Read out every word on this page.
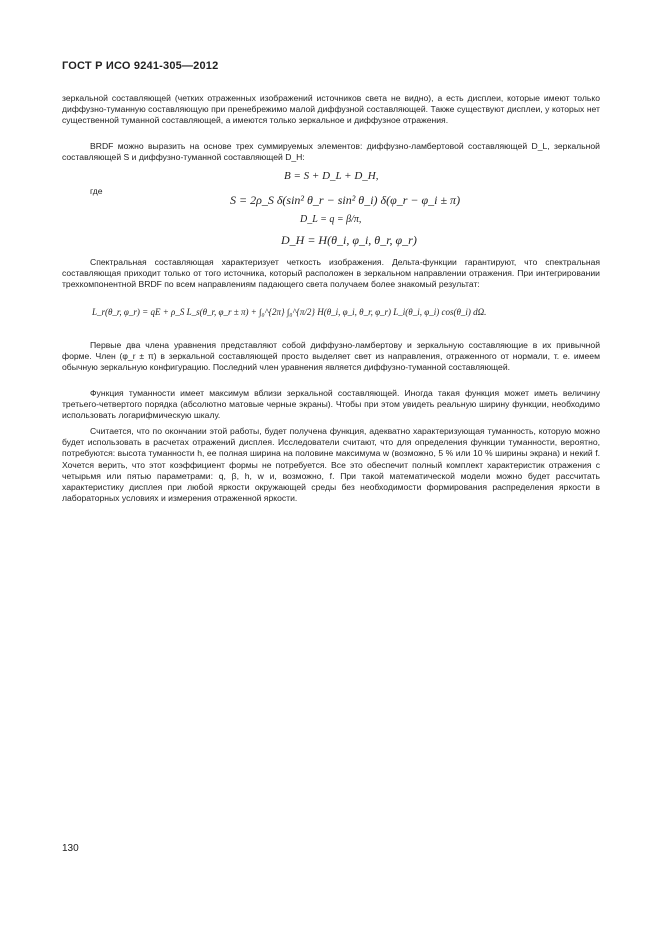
ГОСТ Р ИСО 9241-305—2012

зеркальной составляющей (четких отраженных изображений источников света не видно), а есть дисплеи, которые имеют только диффузно-туманную составляющую при пренебрежимо малой диффузной составляющей. Также существуют дисплеи, у которых нет существенной туманной составляющей, а имеются только зеркальное и диффузное отражения.

BRDF можно выразить на основе трех суммируемых элементов: диффузно-ламбертовой составляющей D_L, зеркальной составляющей S и диффузно-туманной составляющей D_H:

B = S + D_L + D_H,
где
S = 2ρ_S δ(sin² θ_r − sin² θ_i) δ(φ_r − φ_i ± π)
D_L = q = β/π,
D_H = H(θ_i, φ_i, θ_r, φ_r)

Спектральная составляющая характеризует четкость изображения. Дельта-функции гарантируют, что спектральная составляющая приходит только от того источника, который расположен в зеркальном направлении отражения. При интегрировании трехкомпонентной BRDF по всем направлениям падающего света получаем более знакомый результат:

L_r(θ_r, φ_r) = qE + ρ_S L_s(θ_r, φ_r ± π) + ∫₀^{2π} ∫₀^{π/2} H(θ_i, φ_i, θ_r, φ_r) L_i(θ_i, φ_i) cos(θ_i) dΩ.

Первые два члена уравнения представляют собой диффузно-ламбертову и зеркальную составляющие в их привычной форме. Член (φ_r ± π) в зеркальной составляющей просто выделяет свет из направления, отраженного от нормали, т. е. имеем обычную зеркальную конфигурацию. Последний член уравнения является диффузно-туманной составляющей.

Функция туманности имеет максимум вблизи зеркальной составляющей. Иногда такая функция может иметь величину третьего-четвертого порядка (абсолютно матовые черные экраны). Чтобы при этом увидеть реальную ширину функции, необходимо использовать логарифмическую шкалу.

Считается, что по окончании этой работы, будет получена функция, адекватно характеризующая туманность, которую можно будет использовать в расчетах отражений дисплея. Исследователи считают, что для определения функции туманности, вероятно, потребуются: высота туманности h, ее полная ширина на половине максимума w (возможно, 5 % или 10 % ширины экрана) и некий f. Хочется верить, что этот коэффициент формы не потребуется. Все это обеспечит полный комплект характеристик отражения с четырьмя или пятью параметрами: q, β, h, w и, возможно, f. При такой математической модели можно будет рассчитать характеристику дисплея при любой яркости окружающей среды без необходимости формирования распределения яркости в лабораторных условиях и измерения отраженной яркости.

130
